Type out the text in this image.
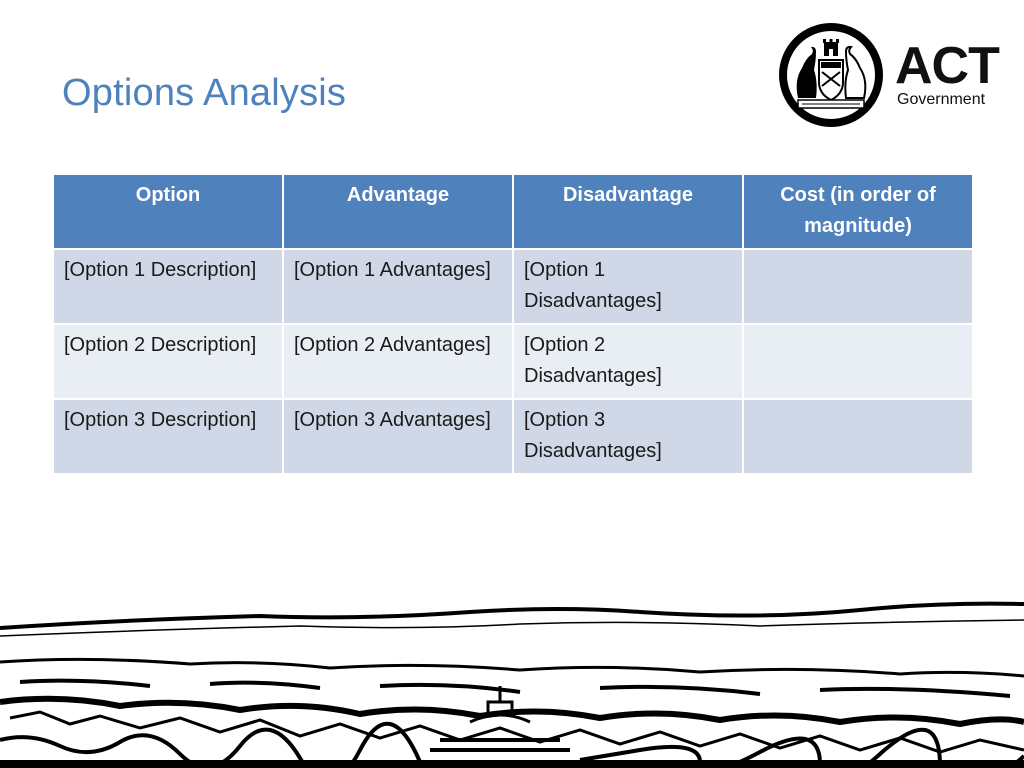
Options Analysis	ACT
Government
Option	Advantage	Disadvantage	Cost (in order of magnitude)
[Option 1 Description]	[Option 1 Advantages]	[Option 1 Disadvantages]	
[Option 2 Description]	[Option 2 Advantages]	[Option 2 Disadvantages]	
[Option 3 Description]	[Option 3 Advantages]	[Option 3 Disadvantages]	
